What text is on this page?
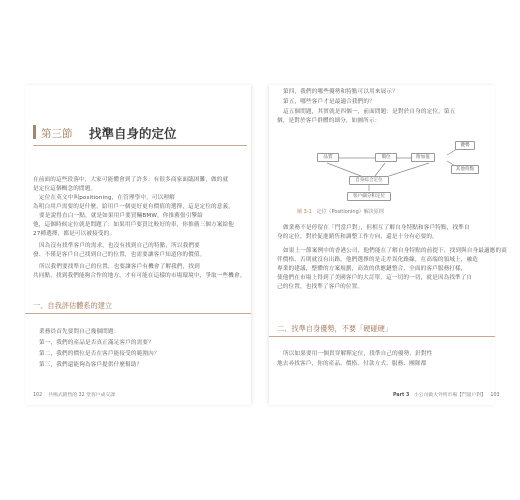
第三節 找準自身的定位
在前面的這些段落中，大家可能體會到了許多：有很多商家面臨困難，做的就
是定位這個概念的問題。
定位在英文中叫positioning，在管理學中，可以理解
為明白用戶需要的是什麼，給用戶一個更好更有價值的選擇，這是定位的意義。
要是說得直白一點，就是如果用戶要買輛BMW，你推薦張引擎給
他，這個時候定位就是問題了：如果用戶要買比較好的車，你推薦三個方案給他
27種選擇，都是可以被接受的。
因為沒有找準客戶的需求，也沒有找到自己的特點，所以我們要
發、不僅是客戶自己找到自己的位置，也需要讓客戶知道你的價值。
所以我們要找準自己的位置，也要讓客戶有機會了解我們，找到
共同點，找到我們能夠合作的地方，才有可能在這樣的市場環境中，爭取一些機會。
一、自我評估體系的建立
業務員首先要問自己幾個問題：
第一，我們的產品是否真正滿足客戶的需要？
第二，我們的價位是否在客戶能接受的範圍內？
第三，我們還能夠為客戶提供什麼幫助？
102 共鳴式銷售的 32 堂客戶成交課
第四，我們的哪些優勢和特點可以用來展示？
第五，哪些客戶才是最適合我們的？
這五個問題，其實就是四個一，前面問題：是對於自身的定位，第五
個，是對於客戶群體的細分，如圖所示：
品質	價位	附加值
優勢
其他特點
自身綜合定位
客戶細分和定位
圖 3-1 定位（Positioning）解決原則
做業務不是停留在「門當戶對」，但相互了解自身特點和客戶特點，找準自
身的定位，對於促進銷售和調整工作方向，還是十分有必要的。
如果上一節案例中的香港公司，他們能在了解自身特點的前提下，找到與自身最適應的商
伴價格、否則就沒有出路，他們選擇的是走差異化路線，在高端的領域上，融造
專業的建議，整體的方案規劃，高效的供應鏈整合，全面的客戶服務打樣，
使他們在市場上得到了美國客戶的大訂單，這一切的一切，就是因為找準了自
己的位置，也找準了客戶的位置。
二、找準自身優勢，不要「硬碰硬」
所以如果要用一個貫穿解釋定位，找準自己的優勢，針對性
地去尋找客戶，你的產品、價格、付款方式、服務、團隊都
Part 3 小公司做大外貿市場【鬥量戶對】 103
